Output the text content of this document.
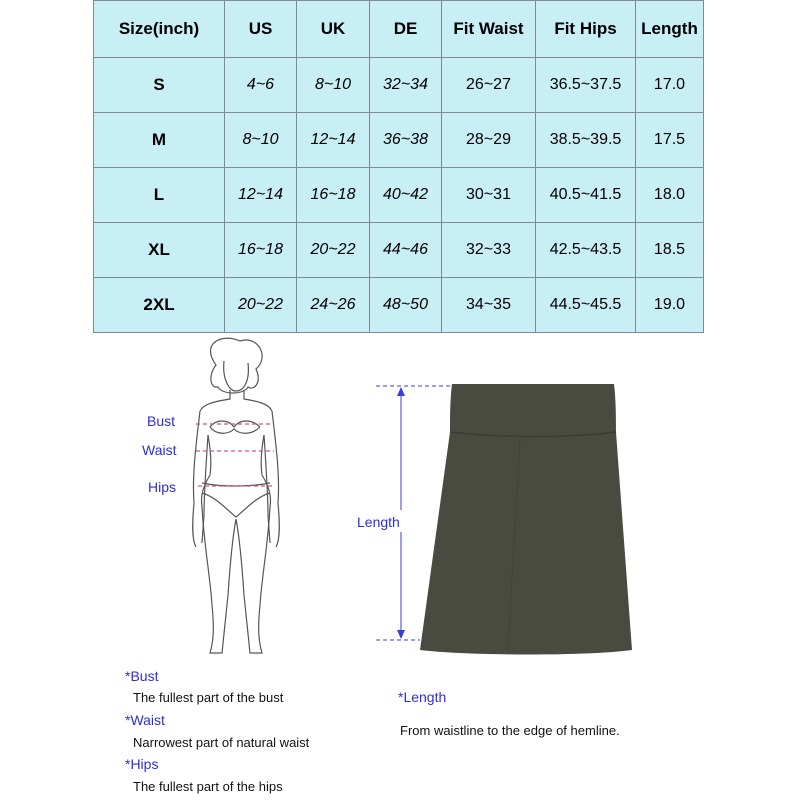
Size(inch)	US	UK	DE	Fit Waist	Fit Hips	Length
S	4~6	8~10	32~34	26~27	36.5~37.5	17.0
M	8~10	12~14	36~38	28~29	38.5~39.5	17.5
L	12~14	16~18	40~42	30~31	40.5~41.5	18.0
XL	16~18	20~22	44~46	32~33	42.5~43.5	18.5
2XL	20~22	24~26	48~50	34~35	44.5~45.5	19.0
Bust
Waist
Hips
Length
*Bust
The fullest part of the bust
*Waist
Narrowest part of natural waist
*Hips
The fullest part of the hips
*Length
From waistline to the edge of hemline.
